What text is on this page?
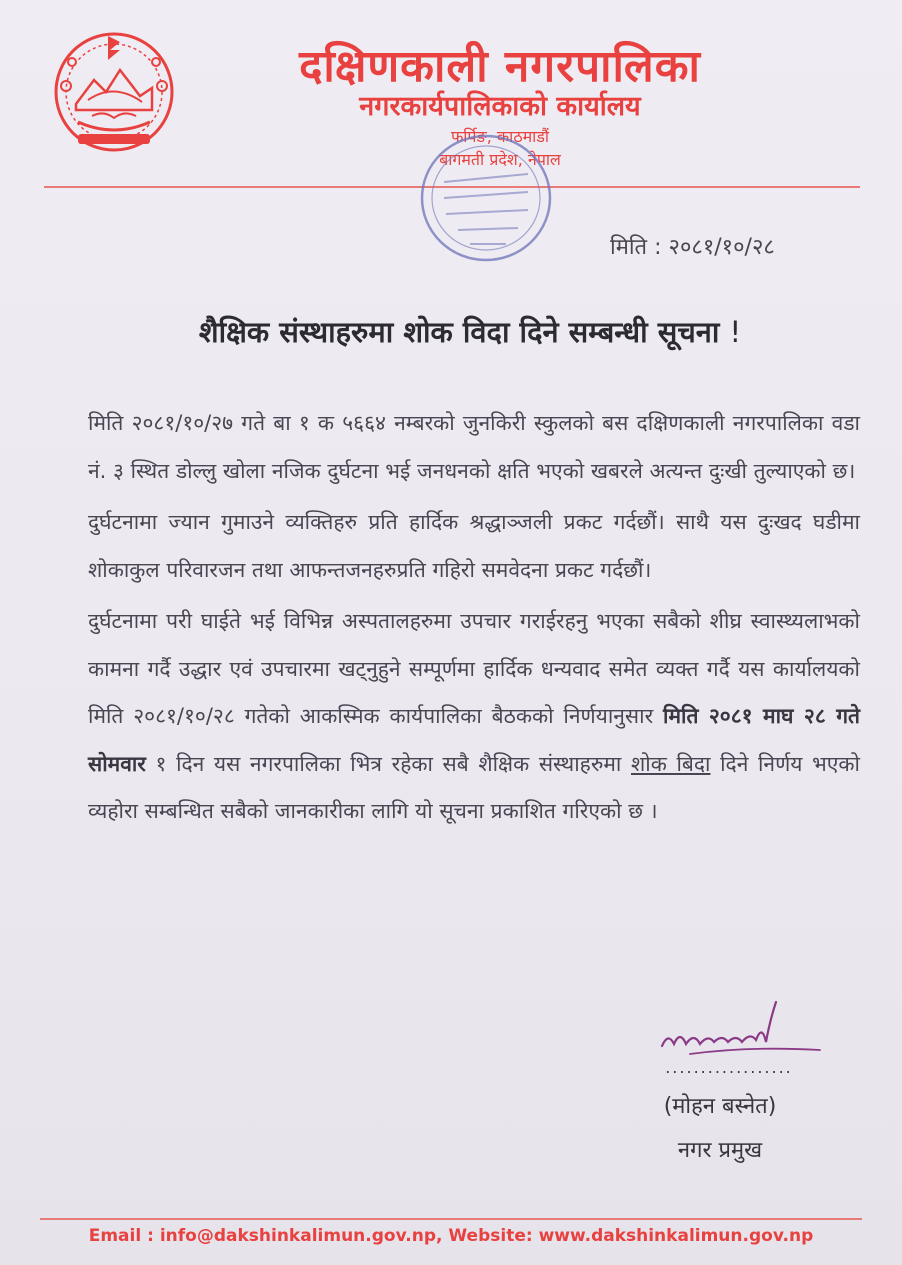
दक्षिणकाली नगरपालिका
नगरकार्यपालिकाको कार्यालय
फर्पिङ, काठमाडौं
बागमती प्रदेश, नेपाल
मिति : २०८१/१०/२८
शैक्षिक संस्थाहरुमा शोक विदा दिने सम्बन्धी सूचना !

मिति २०८१/१०/२७ गते बा १ क ५६६४ नम्बरको जुनकिरी स्कुलको बस दक्षिणकाली नगरपालिका वडा नं. ३ स्थित डोल्लु खोला नजिक दुर्घटना भई जनधनको क्षति भएको खबरले अत्यन्त दुःखी तुल्याएको छ।

दुर्घटनामा ज्यान गुमाउने व्यक्तिहरु प्रति हार्दिक श्रद्धाञ्जली प्रकट गर्दछौं। साथै यस दुःखद घडीमा शोकाकुल परिवारजन तथा आफन्तजनहरुप्रति गहिरो समवेदना प्रकट गर्दछौं।

दुर्घटनामा परी घाईते भई विभिन्न अस्पतालहरुमा उपचार गराईरहनु भएका सबैको शीघ्र स्वास्थ्यलाभको कामना गर्दै उद्धार एवं उपचारमा खट्नुहुने सम्पूर्णमा हार्दिक धन्यवाद समेत व्यक्त गर्दै यस कार्यालयको मिति २०८१/१०/२८ गतेको आकस्मिक कार्यपालिका बैठकको निर्णयानुसार मिति २०८१ माघ २८ गते सोमवार १ दिन यस नगरपालिका भित्र रहेका सबै शैक्षिक संस्थाहरुमा शोक बिदा दिने निर्णय भएको व्यहोरा सम्बन्धित सबैको जानकारीका लागि यो सूचना प्रकाशित गरिएको छ ।

..................
(मोहन बस्नेत)
नगर प्रमुख
Email : info@dakshinkalimun.gov.np, Website: www.dakshinkalimun.gov.np
